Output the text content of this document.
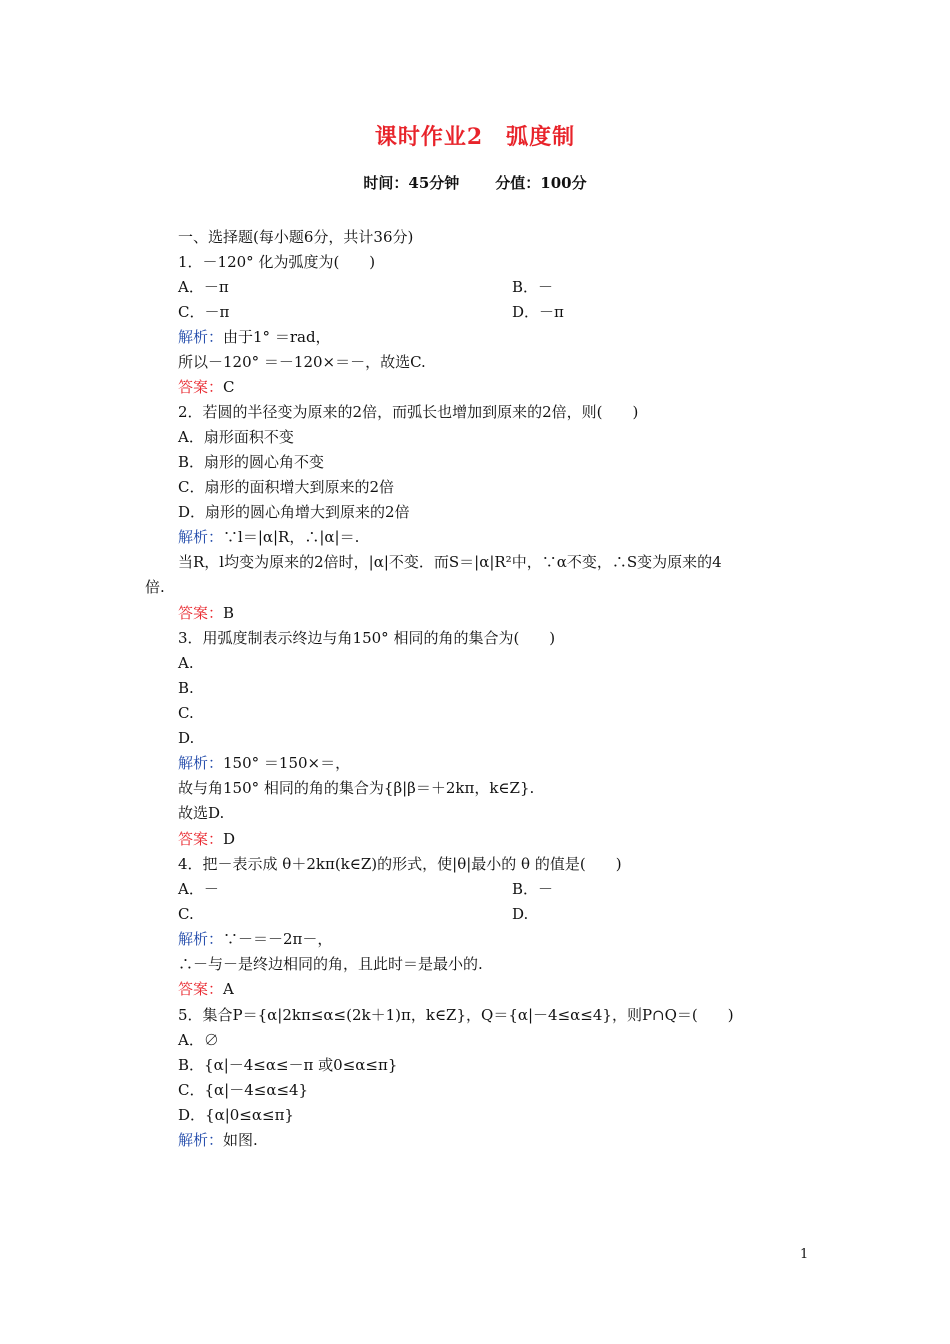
课时作业2　弧度制
时间：45分钟 分值：100分
一、选择题(每小题6分，共计36分)
1．－120° 化为弧度为(　　)
A．－π	B．－
C．－π	D．－π
解析：由于1° ＝rad，
所以－120° ＝－120×＝－，故选C.
答案：C
2．若圆的半径变为原来的2倍，而弧长也增加到原来的2倍，则(　　)
A．扇形面积不变
B．扇形的圆心角不变
C．扇形的面积增大到原来的2倍
D．扇形的圆心角增大到原来的2倍
解析：∵l＝|α|R，∴|α|＝.
当R，l均变为原来的2倍时，|α|不变．而S＝|α|R²中，∵α不变，∴S变为原来的4
倍.
答案：B
3．用弧度制表示终边与角150° 相同的角的集合为(　　)
A.
B.
C.
D.
解析：150° ＝150×＝，
故与角150° 相同的角的集合为{β|β＝＋2kπ，k∈Z}.
故选D.
答案：D
4．把－表示成 θ＋2kπ(k∈Z)的形式，使|θ|最小的 θ 的值是(　　)
A．－	B．－
C.	D.
解析：∵－＝－2π－，
∴－与－是终边相同的角，且此时＝是最小的.
答案：A
5．集合P＝{α|2kπ≤α≤(2k＋1)π，k∈Z}，Q＝{α|－4≤α≤4}，则P∩Q＝(　　)
A．∅
B．{α|－4≤α≤－π 或0≤α≤π}
C．{α|－4≤α≤4}
D．{α|0≤α≤π}
解析：如图.
1
